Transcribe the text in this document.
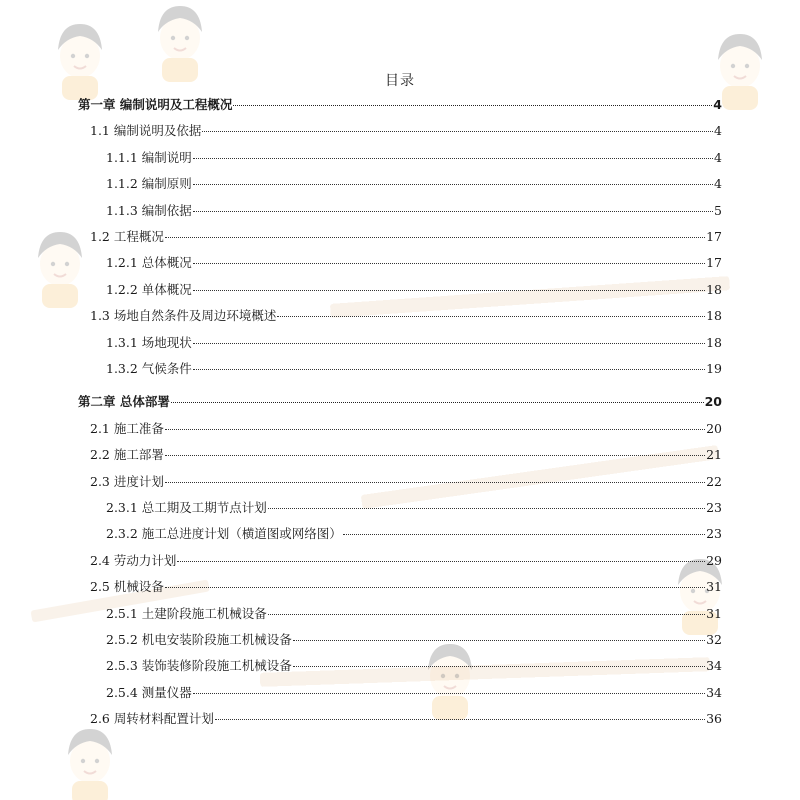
目录
第一章 编制说明及工程概况	4
1.1 编制说明及依据	4
1.1.1 编制说明	4
1.1.2 编制原则	4
1.1.3 编制依据	5
1.2 工程概况	17
1.2.1 总体概况	17
1.2.2 单体概况	18
1.3 场地自然条件及周边环境概述	18
1.3.1 场地现状	18
1.3.2 气候条件	19
第二章 总体部署	20
2.1 施工准备	20
2.2 施工部署	21
2.3 进度计划	22
2.3.1 总工期及工期节点计划	23
2.3.2 施工总进度计划（横道图或网络图）	23
2.4 劳动力计划	29
2.5 机械设备	31
2.5.1 土建阶段施工机械设备	31
2.5.2 机电安装阶段施工机械设备	32
2.5.3 装饰装修阶段施工机械设备	34
2.5.4 测量仪器	34
2.6 周转材料配置计划	36
